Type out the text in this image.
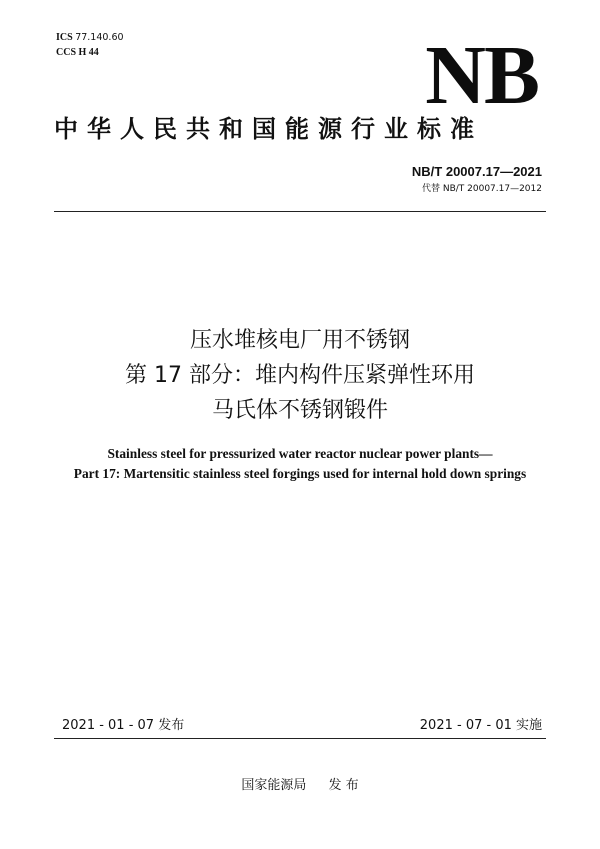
ICS 77.140.60
CCS H 44	NB
中华人民共和国能源行业标准
NB/T 20007.17—2021
代替 NB/T 20007.17—2012
压水堆核电厂用不锈钢
第 17 部分：堆内构件压紧弹性环用
马氏体不锈钢锻件
Stainless steel for pressurized water reactor nuclear power plants—
Part 17: Martensitic stainless steel forgings used for internal hold down springs
2021 - 01 - 07 发布	2021 - 07 - 01 实施
国家能源局 发 布
